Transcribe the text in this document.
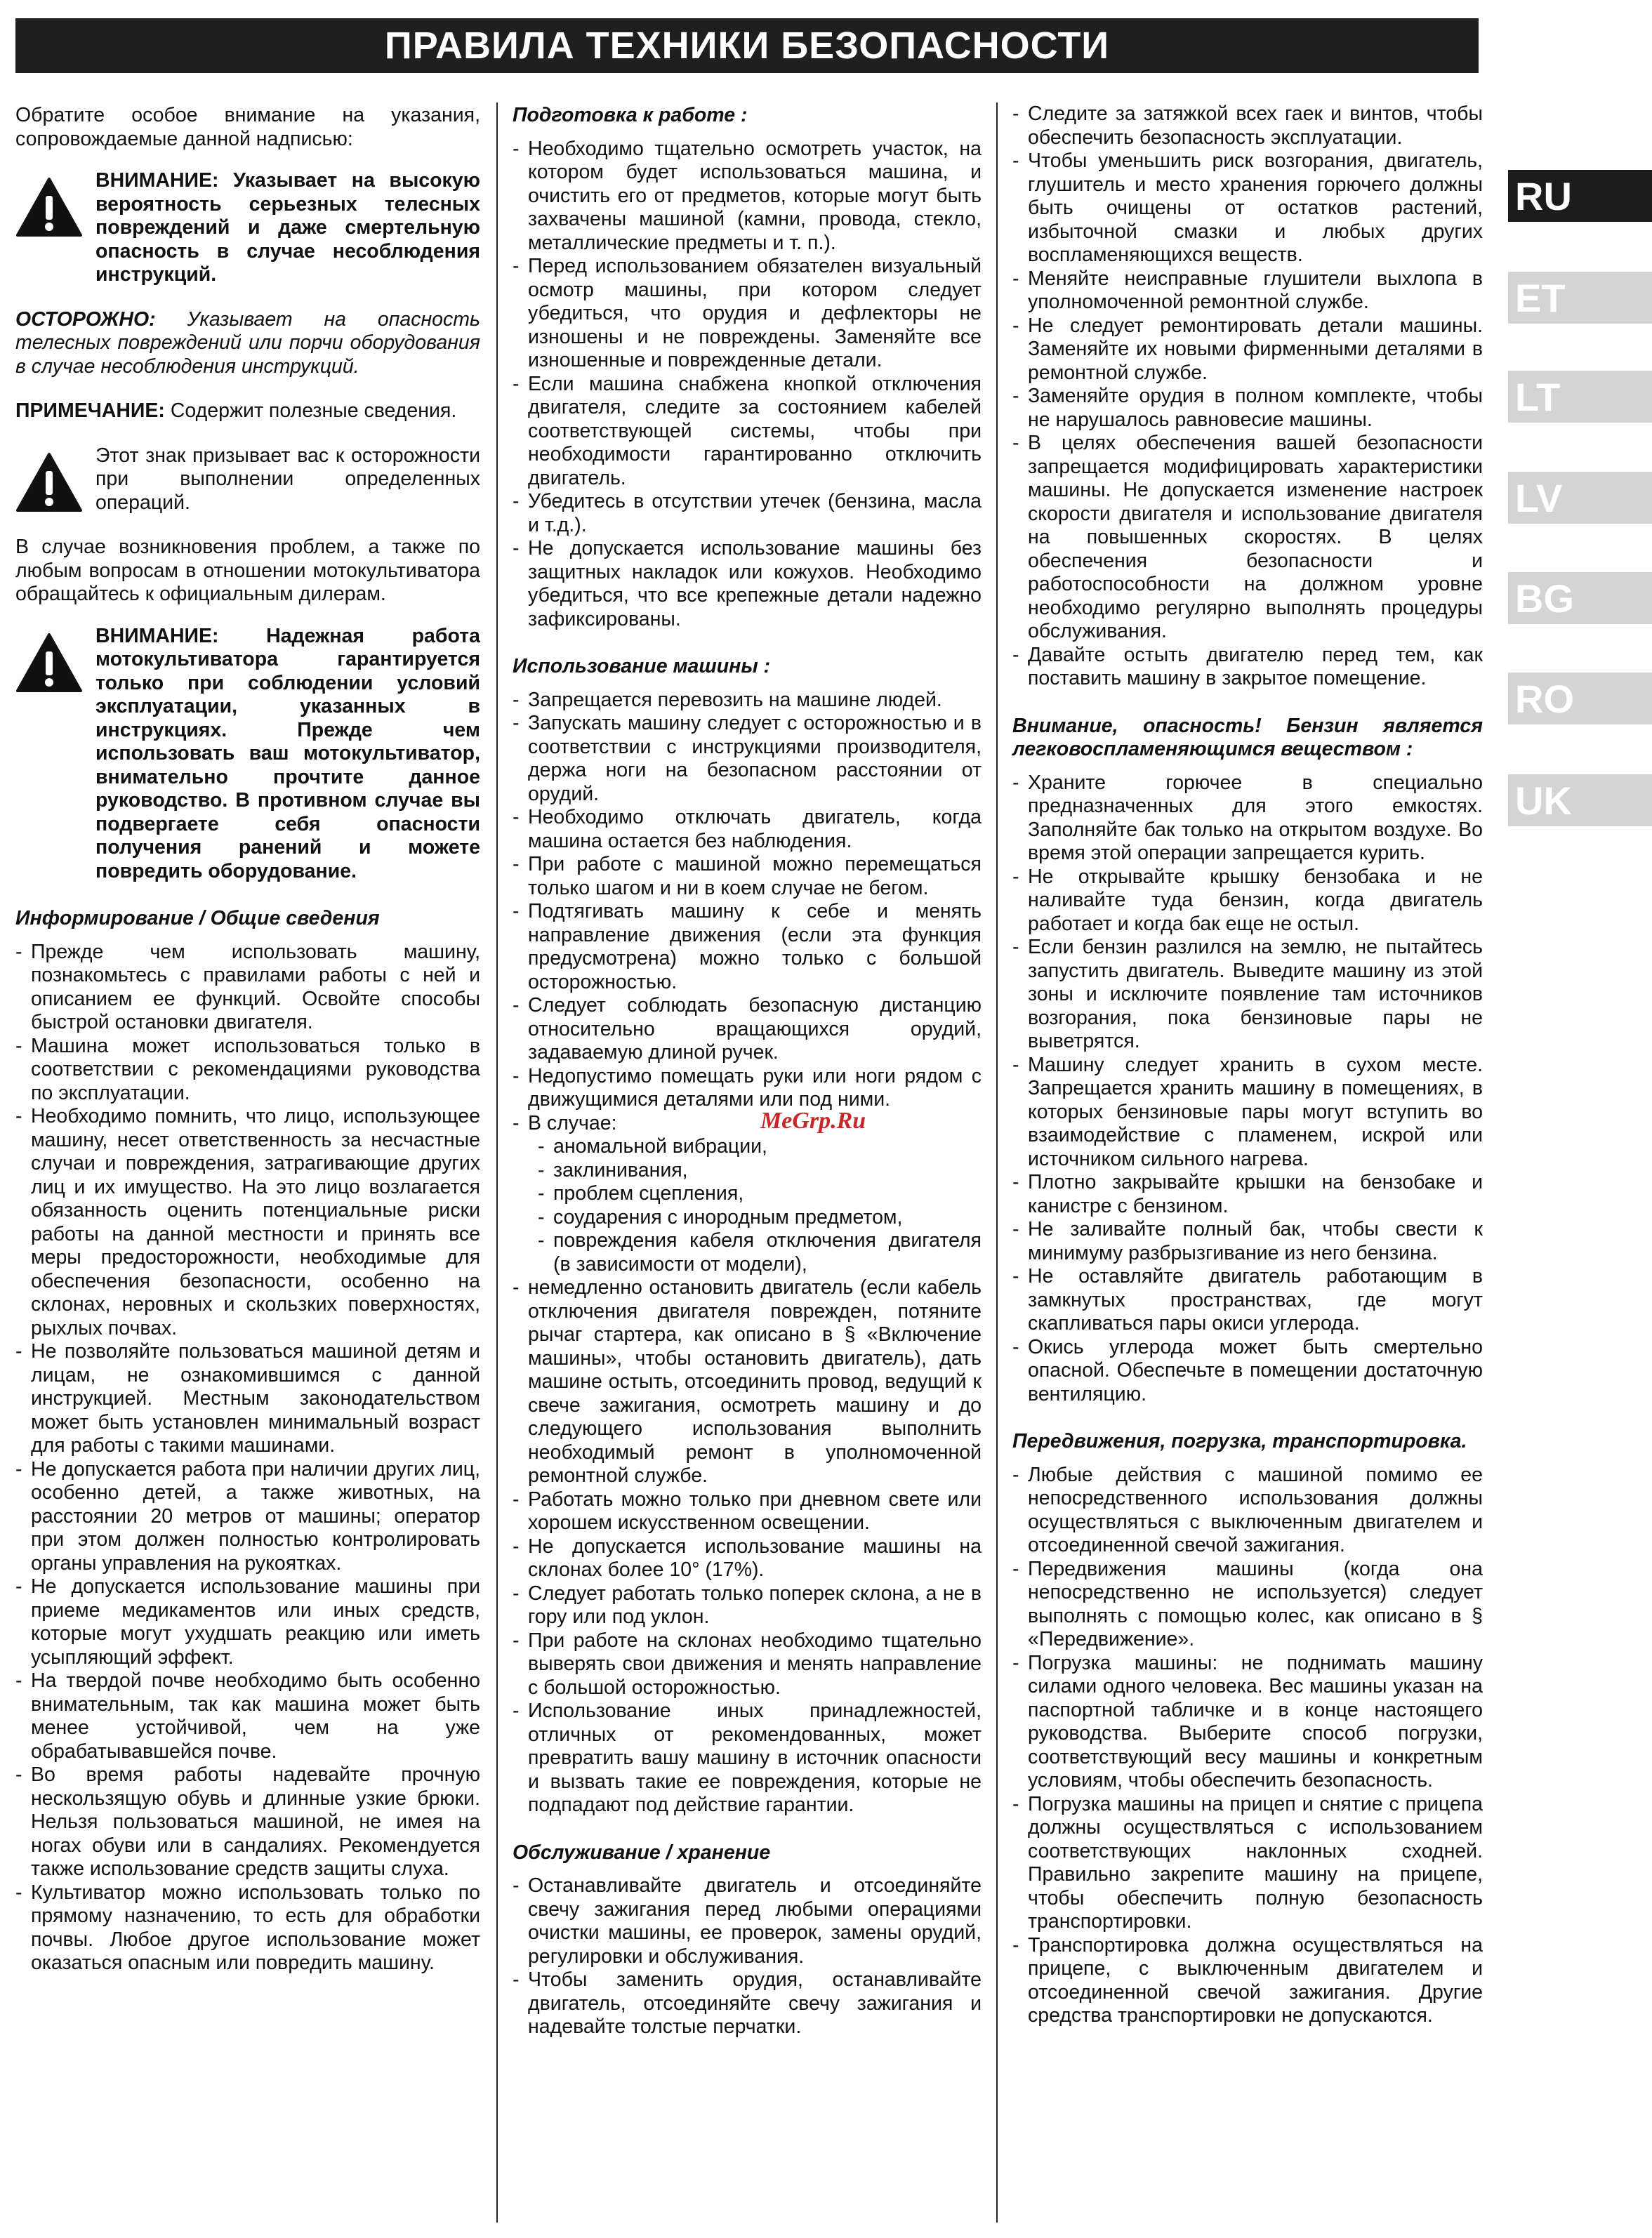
ПРАВИЛА ТЕХНИКИ БЕЗОПАСНОСТИ
RU
ET
LT
LV
BG
RO
UK

Обратите особое внимание на указания, сопровождаемые данной надписью:

ВНИМАНИЕ: Указывает на высокую вероятность серьезных телесных повреждений и даже смертельную опасность в случае несоблюдения инструкций.

ОСТОРОЖНО: Указывает на опасность телесных повреждений или порчи оборудования в случае несоблюдения инструкций.

ПРИМЕЧАНИЕ: Содержит полезные сведения.

Этот знак призывает вас к осторожности при выполнении определенных операций.

В случае возникновения проблем, а также по любым вопросам в отношении мотокультиватора обращайтесь к официальным дилерам.

ВНИМАНИЕ: Надежная работа мотокультиватора гарантируется только при соблюдении условий эксплуатации, указанных в инструкциях. Прежде чем использовать ваш мотокультиватор, внимательно прочтите данное руководство. В противном случае вы подвергаете себя опасности получения ранений и можете повредить оборудование.
Информирование / Общие сведения
- Прежде чем использовать машину, познакомьтесь с правилами работы с ней и описанием ее функций. Освойте способы быстрой остановки двигателя.
- Машина может использоваться только в соответствии с рекомендациями руководства по эксплуатации.
- Необходимо помнить, что лицо, использующее машину, несет ответственность за несчастные случаи и повреждения, затрагивающие других лиц и их имущество. На это лицо возлагается обязанность оценить потенциальные риски работы на данной местности и принять все меры предосторожности, необходимые для обеспечения безопасности, особенно на склонах, неровных и скользких поверхностях, рыхлых почвах.
- Не позволяйте пользоваться машиной детям и лицам, не ознакомившимся с данной инструкцией. Местным законодательством может быть установлен минимальный возраст для работы с такими машинами.
- Не допускается работа при наличии других лиц, особенно детей, а также животных, на расстоянии 20 метров от машины; оператор при этом должен полностью контролировать органы управления на рукоятках.
- Не допускается использование машины при приеме медикаментов или иных средств, которые могут ухудшать реакцию или иметь усыпляющий эффект.
- На твердой почве необходимо быть особенно внимательным, так как машина может быть менее устойчивой, чем на уже обрабатывавшейся почве.
- Во время работы надевайте прочную нескользящую обувь и длинные узкие брюки. Нельзя пользоваться машиной, не имея на ногах обуви или в сандалиях. Рекомендуется также использование средств защиты слуха.
- Культиватор можно использовать только по прямому назначению, то есть для обработки почвы. Любое другое использование может оказаться опасным или повредить машину.
Подготовка к работе :
- Необходимо тщательно осмотреть участок, на котором будет использоваться машина, и очистить его от предметов, которые могут быть захвачены машиной (камни, провода, стекло, металлические предметы и т. п.).
- Перед использованием обязателен визуальный осмотр машины, при котором следует убедиться, что орудия и дефлекторы не изношены и не повреждены. Заменяйте все изношенные и поврежденные детали.
- Если машина снабжена кнопкой отключения двигателя, следите за состоянием кабелей соответствующей системы, чтобы при необходимости гарантированно отключить двигатель.
- Убедитесь в отсутствии утечек (бензина, масла и т.д.).
- Не допускается использование машины без защитных накладок или кожухов. Необходимо убедиться, что все крепежные детали надежно зафиксированы.
Использование машины :
- Запрещается перевозить на машине людей.
- Запускать машину следует с осторожностью и в соответствии с инструкциями производителя, держа ноги на безопасном расстоянии от орудий.
- Необходимо отключать двигатель, когда машина остается без наблюдения.
- При работе с машиной можно перемещаться только шагом и ни в коем случае не бегом.
- Подтягивать машину к себе и менять направление движения (если эта функция предусмотрена) можно только с большой осторожностью.
- Следует соблюдать безопасную дистанцию относительно вращающихся орудий, задаваемую длиной ручек.
- Недопустимо помещать руки или ноги рядом с движущимися деталями или под ними.
- В случае:
- аномальной вибрации,
- заклинивания,
- проблем сцепления,
- соударения с инородным предметом,
- повреждения кабеля отключения двигателя (в зависимости от модели),
- немедленно остановить двигатель (если кабель отключения двигателя поврежден, потяните рычаг стартера, как описано в § «Включение машины», чтобы остановить двигатель), дать машине остыть, отсоединить провод, ведущий к свече зажигания, осмотреть машину и до следующего использования выполнить необходимый ремонт в уполномоченной ремонтной службе.
- Работать можно только при дневном свете или хорошем искусственном освещении.
- Не допускается использование машины на склонах более 10° (17%).
- Следует работать только поперек склона, а не в гору или под уклон.
- При работе на склонах необходимо тщательно выверять свои движения и менять направление с большой осторожностью.
- Использование иных принадлежностей, отличных от рекомендованных, может превратить вашу машину в источник опасности и вызвать такие ее повреждения, которые не подпадают под действие гарантии.
Обслуживание / хранение
- Останавливайте двигатель и отсоединяйте свечу зажигания перед любыми операциями очистки машины, ее проверок, замены орудий, регулировки и обслуживания.
- Чтобы заменить орудия, останавливайте двигатель, отсоединяйте свечу зажигания и надевайте толстые перчатки.
- Следите за затяжкой всех гаек и винтов, чтобы обеспечить безопасность эксплуатации.
- Чтобы уменьшить риск возгорания, двигатель, глушитель и место хранения горючего должны быть очищены от остатков растений, избыточной смазки и любых других воспламеняющихся веществ.
- Меняйте неисправные глушители выхлопа в уполномоченной ремонтной службе.
- Не следует ремонтировать детали машины. Заменяйте их новыми фирменными деталями в ремонтной службе.
- Заменяйте орудия в полном комплекте, чтобы не нарушалось равновесие машины.
- В целях обеспечения вашей безопасности запрещается модифицировать характеристики машины. Не допускается изменение настроек скорости двигателя и использование двигателя на повышенных скоростях. В целях обеспечения безопасности и работоспособности на должном уровне необходимо регулярно выполнять процедуры обслуживания.
- Давайте остыть двигателю перед тем, как поставить машину в закрытое помещение.
Внимание, опасность! Бензин является легковоспламеняющимся веществом :
- Храните горючее в специально предназначенных для этого емкостях. Заполняйте бак только на открытом воздухе. Во время этой операции запрещается курить.
- Не открывайте крышку бензобака и не наливайте туда бензин, когда двигатель работает и когда бак еще не остыл.
- Если бензин разлился на землю, не пытайтесь запустить двигатель. Выведите машину из этой зоны и исключите появление там источников возгорания, пока бензиновые пары не выветрятся.
- Машину следует хранить в сухом месте. Запрещается хранить машину в помещениях, в которых бензиновые пары могут вступить во взаимодействие с пламенем, искрой или источником сильного нагрева.
- Плотно закрывайте крышки на бензобаке и канистре с бензином.
- Не заливайте полный бак, чтобы свести к минимуму разбрызгивание из него бензина.
- Не оставляйте двигатель работающим в замкнутых пространствах, где могут скапливаться пары окиси углерода.
- Окись углерода может быть смертельно опасной. Обеспечьте в помещении достаточную вентиляцию.
Передвижения, погрузка, транспортировка.
- Любые действия с машиной помимо ее непосредственного использования должны осуществляться с выключенным двигателем и отсоединенной свечой зажигания.
- Передвижения машины (когда она непосредственно не используется) следует выполнять с помощью колес, как описано в § «Передвижение».
- Погрузка машины: не поднимать машину силами одного человека. Вес машины указан на паспортной табличке и в конце настоящего руководства. Выберите способ погрузки, соответствующий весу машины и конкретным условиям, чтобы обеспечить безопасность.
- Погрузка машины на прицеп и снятие с прицепа должны осуществляться с использованием соответствующих наклонных сходней. Правильно закрепите машину на прицепе, чтобы обеспечить полную безопасность транспортировки.
- Транспортировка должна осуществляться на прицепе, с выключенным двигателем и отсоединенной свечой зажигания. Другие средства транспортировки не допускаются.
MeGrp.Ru
